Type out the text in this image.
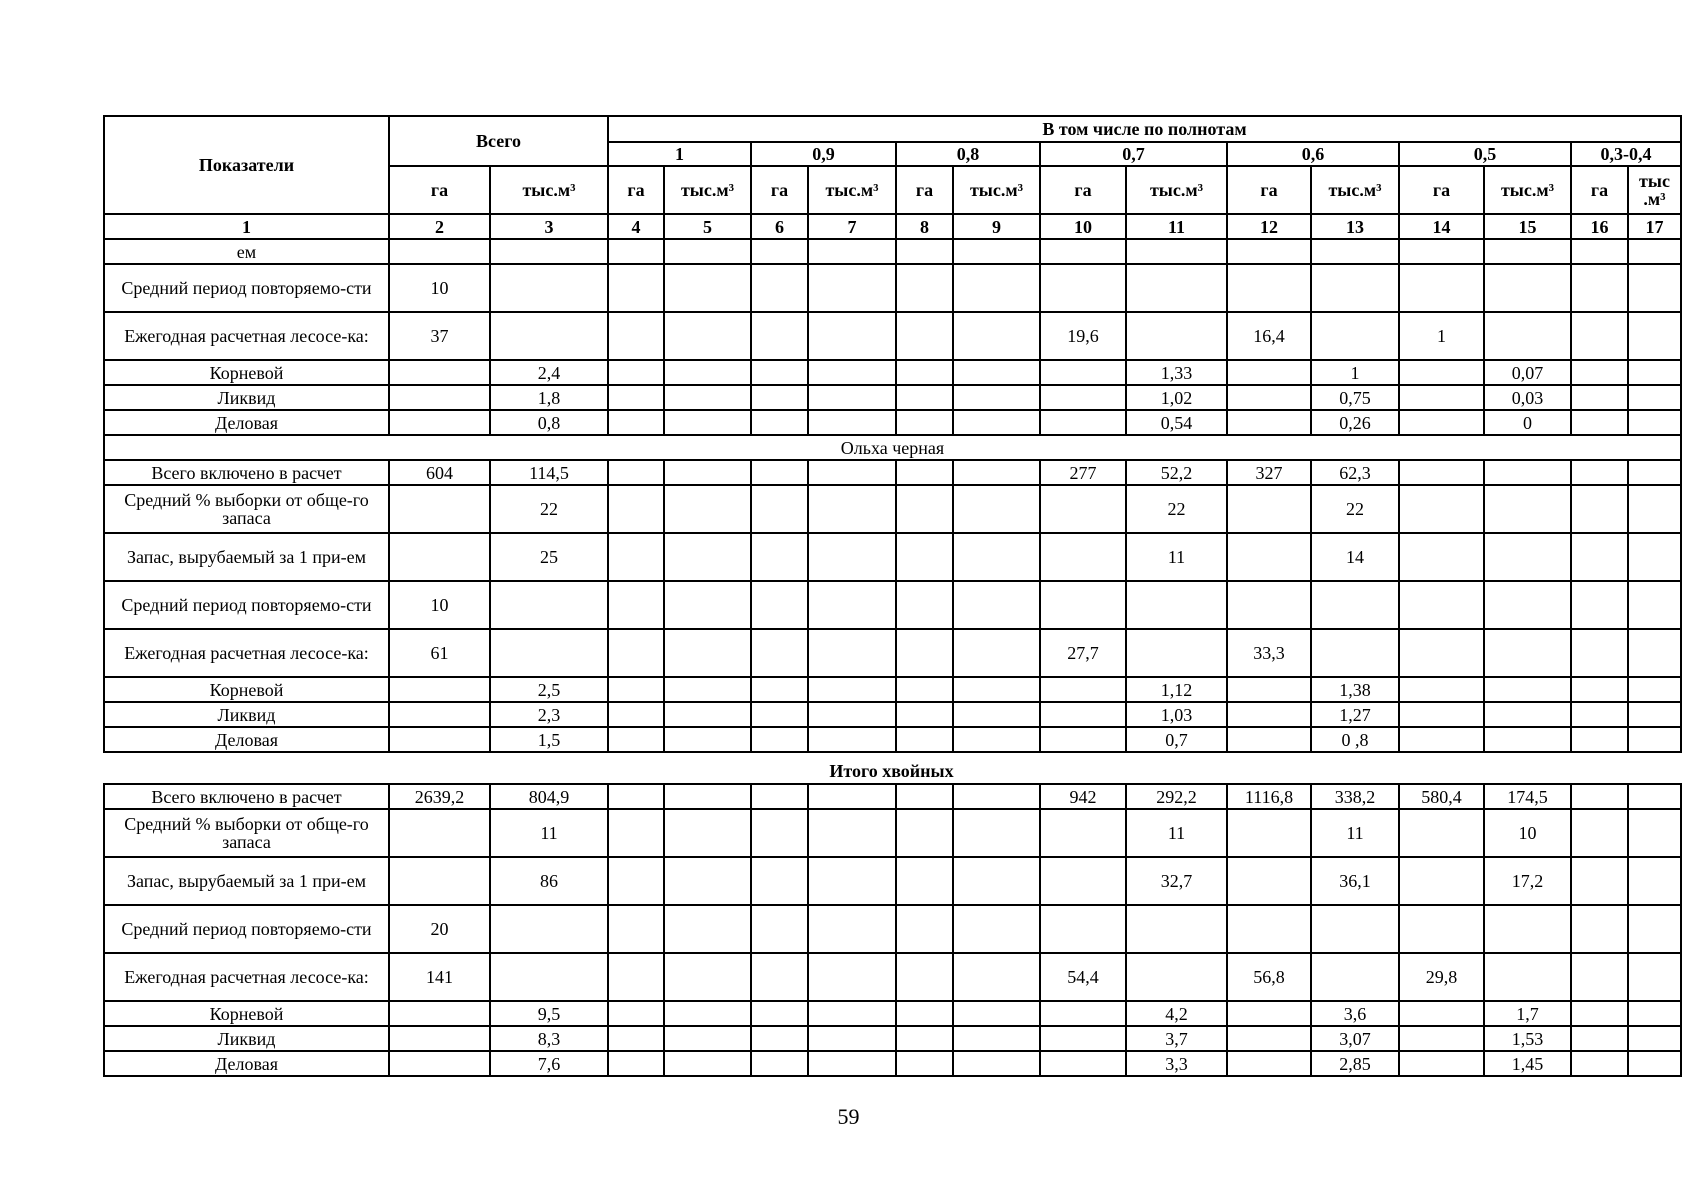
Показатели	Всего		В том числе по полнотам													
			1		0,9		0,8		0,7		0,6		0,5		0,3-0,4	
	га	тыс.м³	га	тыс.м³	га	тыс.м³	га	тыс.м³	га	тыс.м³	га	тыс.м³	га	тыс.м³	га	тыс .м³
1	2	3	4	5	6	7	8	9	10	11	12	13	14	15	16	17
ем																
Средний период повторяемо-сти	10															
Ежегодная расчетная лесосе-ка:	37								19,6		16,4		1			
Корневой		2,4								1,33		1		0,07		
Ликвид		1,8								1,02		0,75		0,03		
Деловая		0,8								0,54		0,26		0		
Ольха черная																
Всего включено в расчет	604	114,5							277	52,2	327	62,3				
Средний % выборки от обще-го запаса		22								22		22				
Запас, вырубаемый за 1 при-ем		25								11		14				
Средний период повторяемо-сти	10															
Ежегодная расчетная лесосе-ка:	61								27,7		33,3					
Корневой		2,5								1,12		1,38				
Ликвид		2,3								1,03		1,27				
Деловая		1,5								0,7		0 ,8				
Итого хвойных
Всего включено в расчет	2639,2	804,9							942	292,2	1116,8	338,2	580,4	174,5		
Средний % выборки от обще-го запаса		11								11		11		10		
Запас, вырубаемый за 1 при-ем		86								32,7		36,1		17,2		
Средний период повторяемо-сти	20															
Ежегодная расчетная лесосе-ка:	141								54,4		56,8		29,8			
Корневой		9,5								4,2		3,6		1,7		
Ликвид		8,3								3,7		3,07		1,53		
Деловая		7,6								3,3		2,85		1,45		
59
